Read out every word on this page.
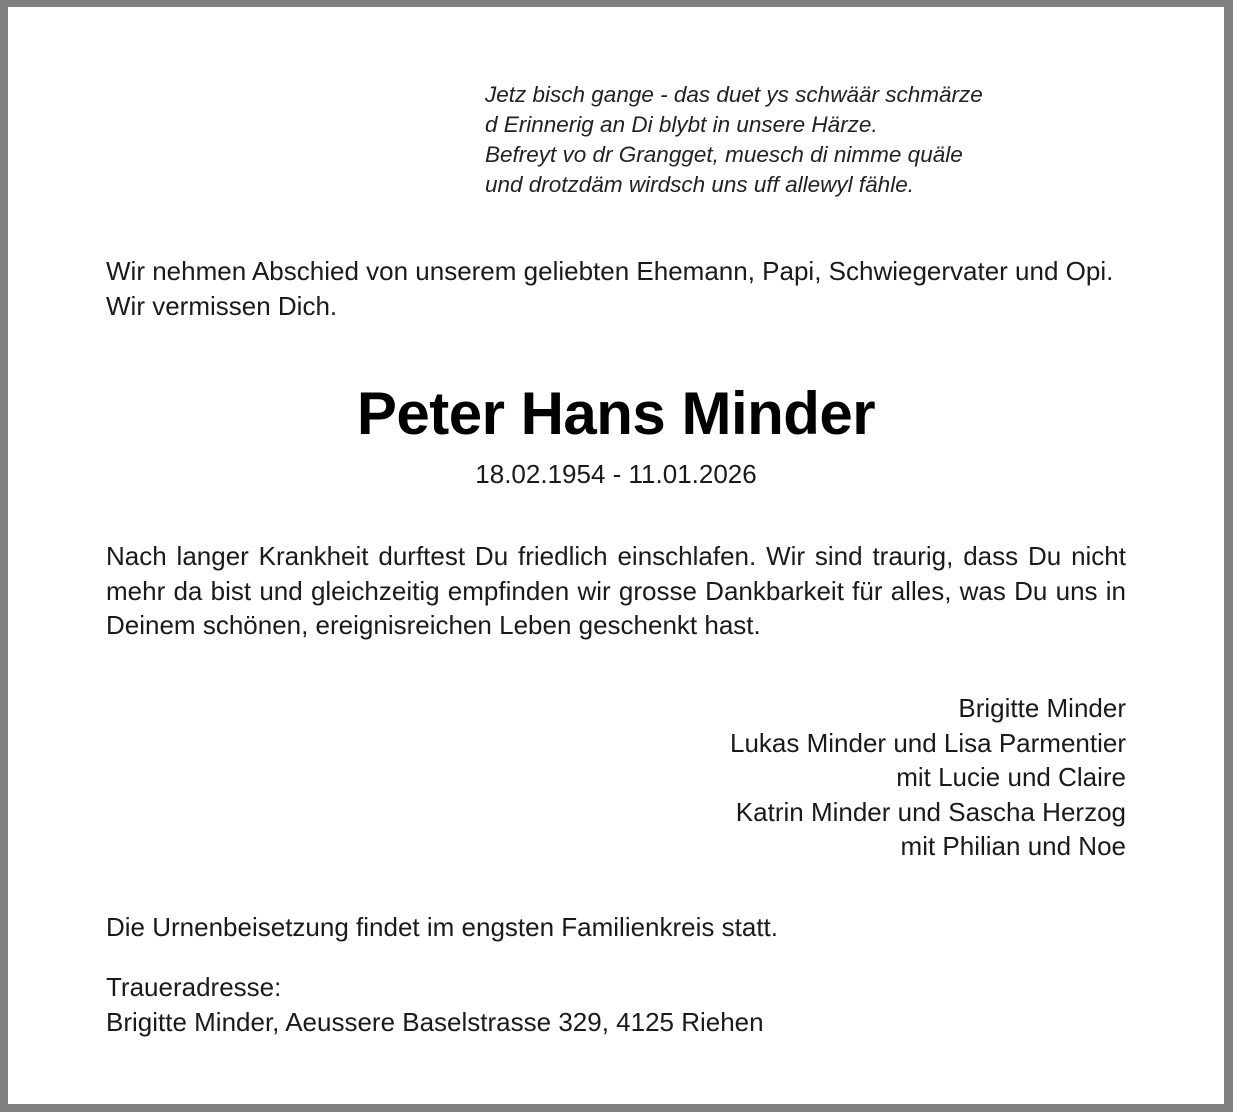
Jetz bisch gange - das duet ys schwäär schmärze
d Erinnerig an Di blybt in unsere Härze.
Befreyt vo dr Grangget, muesch di nimme quäle
und drotzdäm wirdsch uns uff allewyl fähle.
Wir nehmen Abschied von unserem geliebten Ehemann, Papi, Schwiegervater und Opi. Wir vermissen Dich.
Peter Hans Minder
18.02.1954 - 11.01.2026
Nach langer Krankheit durftest Du friedlich einschlafen. Wir sind traurig, dass Du nicht mehr da bist und gleichzeitig empfinden wir grosse Dankbarkeit für alles, was Du uns in Deinem schönen, ereignisreichen Leben geschenkt hast.
Brigitte Minder
Lukas Minder und Lisa Parmentier
mit Lucie und Claire
Katrin Minder und Sascha Herzog
mit Philian und Noe
Die Urnenbeisetzung findet im engsten Familienkreis statt.
Traueradresse:
Brigitte Minder, Aeussere Baselstrasse 329, 4125 Riehen
